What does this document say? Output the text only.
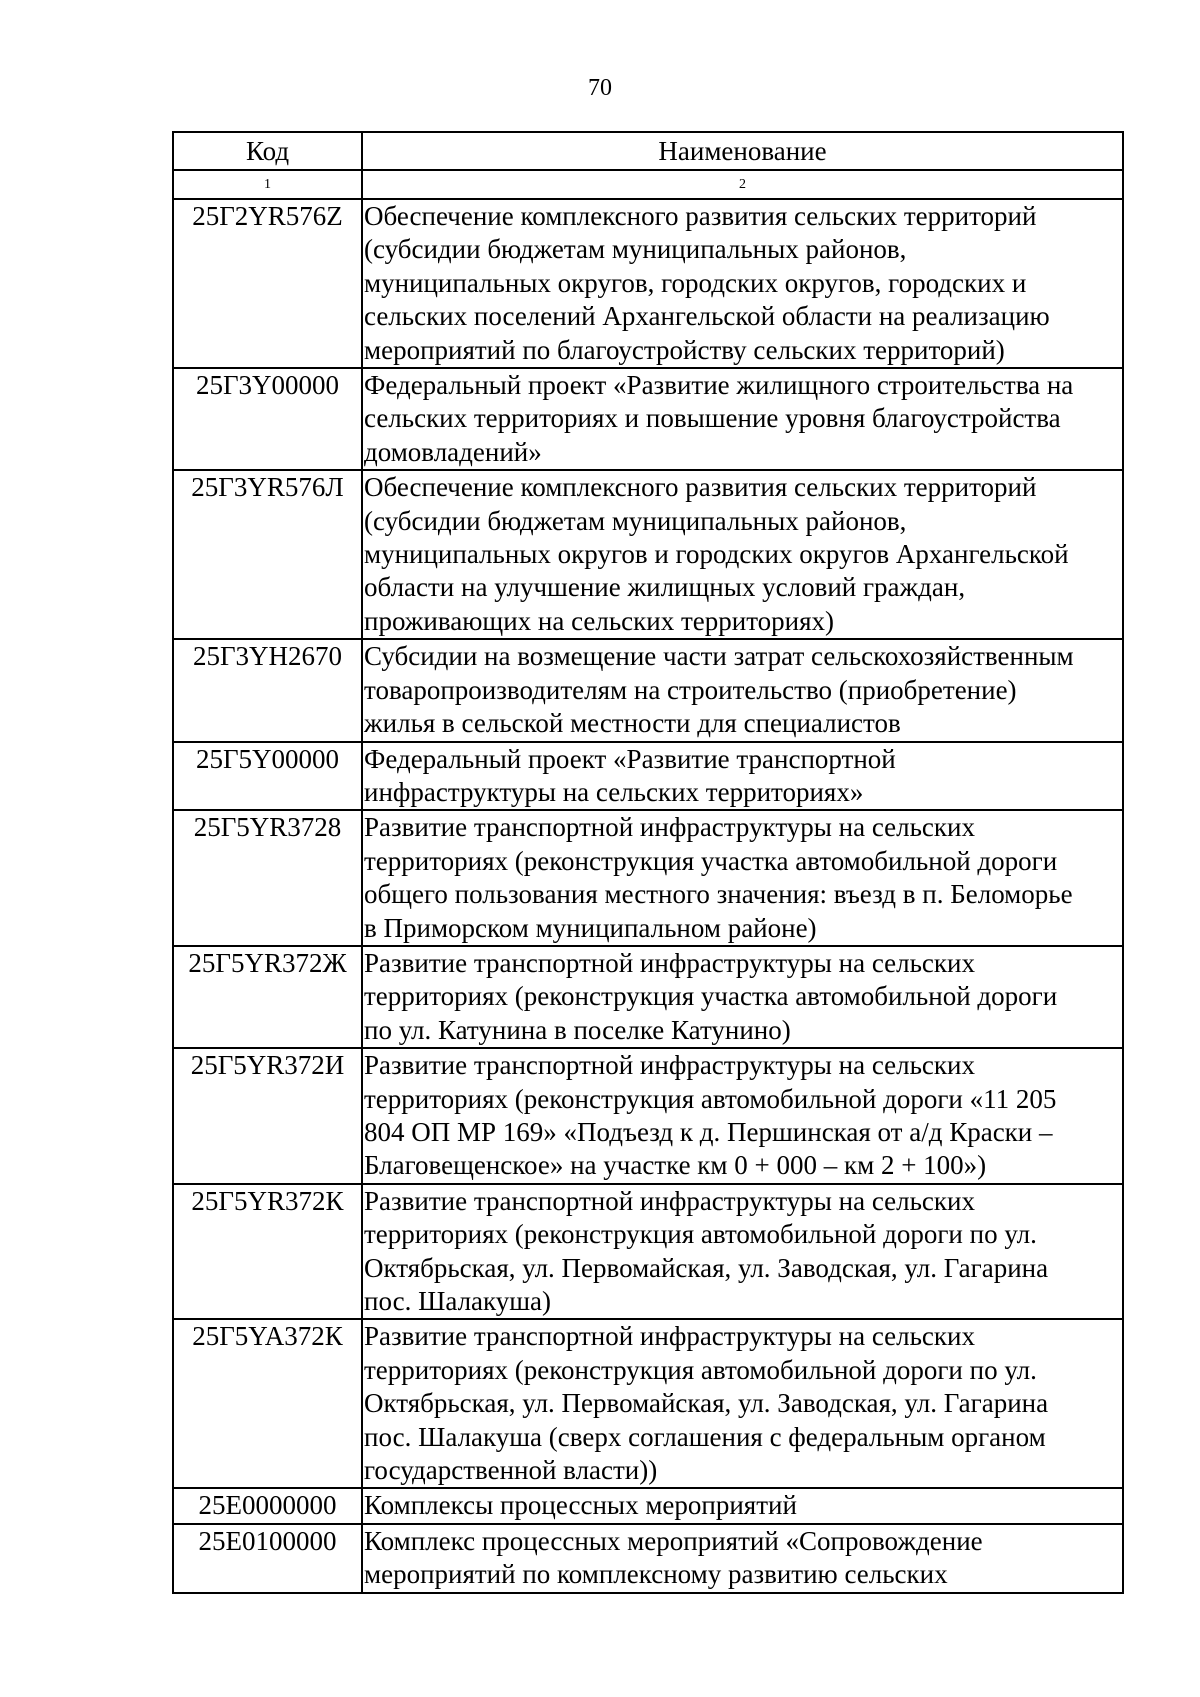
70
Код	Наименование
1	2
25Г2YR576Z	Обеспечение комплексного развития сельских территорий
(субсидии бюджетам муниципальных районов,
муниципальных округов, городских округов, городских и
сельских поселений Архангельской области на реализацию
мероприятий по благоустройству сельских территорий)

25Г3Y00000	Федеральный проект «Развитие жилищного строительства на
сельских территориях и повышение уровня благоустройства
домовладений»

25Г3YR576Л	Обеспечение комплексного развития сельских территорий
(субсидии бюджетам муниципальных районов,
муниципальных округов и городских округов Архангельской
области на улучшение жилищных условий граждан,
проживающих на сельских территориях)

25Г3YH2670	Субсидии на возмещение части затрат сельскохозяйственным
товаропроизводителям на строительство (приобретение)
жилья в сельской местности для специалистов

25Г5Y00000	Федеральный проект «Развитие транспортной
инфраструктуры на сельских территориях»

25Г5YR3728	Развитие транспортной инфраструктуры на сельских
территориях (реконструкция участка автомобильной дороги
общего пользования местного значения: въезд в п. Беломорье
в Приморском муниципальном районе)

25Г5YR372Ж	Развитие транспортной инфраструктуры на сельских
территориях (реконструкция участка автомобильной дороги
по ул. Катунина в поселке Катунино)

25Г5YR372И	Развитие транспортной инфраструктуры на сельских
территориях (реконструкция автомобильной дороги «11 205
804 ОП МР 169» «Подъезд к д. Першинская от а/д Краски –
Благовещенское» на участке км 0 + 000 – км 2 + 100»)

25Г5YR372К	Развитие транспортной инфраструктуры на сельских
территориях (реконструкция автомобильной дороги по ул.
Октябрьская, ул. Первомайская, ул. Заводская, ул. Гагарина
пос. Шалакуша)

25Г5YA372К	Развитие транспортной инфраструктуры на сельских
территориях (реконструкция автомобильной дороги по ул.
Октябрьская, ул. Первомайская, ул. Заводская, ул. Гагарина
пос. Шалакуша (сверх соглашения с федеральным органом
государственной власти))

25Е0000000	Комплексы процессных мероприятий

25Е0100000	Комплекс процессных мероприятий «Сопровождение
мероприятий по комплексному развитию сельских
